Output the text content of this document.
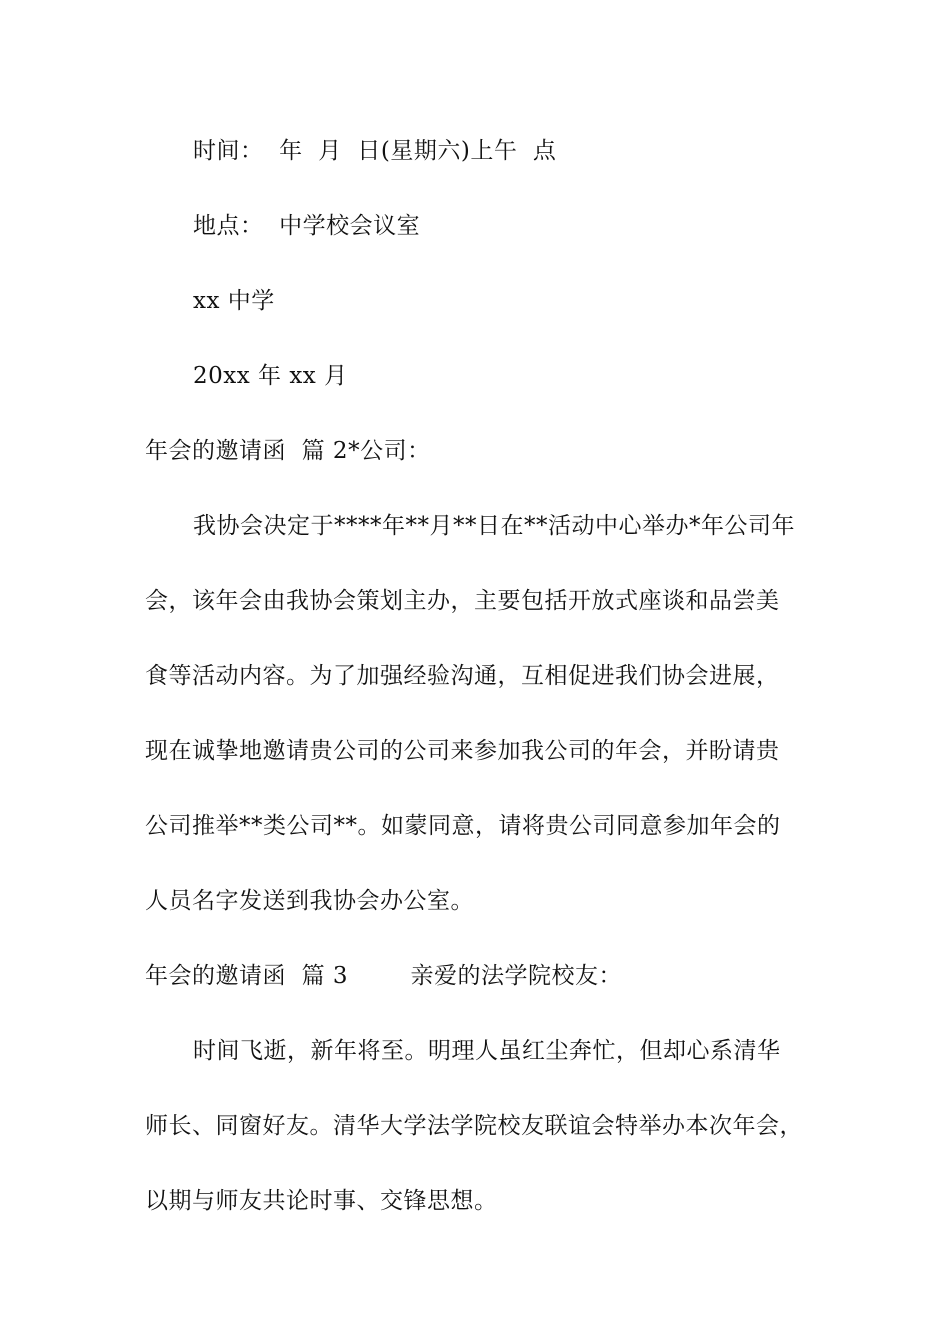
时间：  年  月  日(星期六)上午  点
地点：  中学校会议室
xx 中学
20xx 年 xx 月
年会的邀请函  篇 2*公司：
我协会决定于****年**月**日在**活动中心举办*年公司年
会，该年会由我协会策划主办，主要包括开放式座谈和品尝美
食等活动内容。为了加强经验沟通，互相促进我们协会进展，
现在诚挚地邀请贵公司的公司来参加我公司的年会，并盼请贵
公司推举**类公司**。如蒙同意，请将贵公司同意参加年会的
人员名字发送到我协会办公室。
年会的邀请函  篇 3        亲爱的法学院校友：
时间飞逝，新年将至。明理人虽红尘奔忙，但却心系清华
师长、同窗好友。清华大学法学院校友联谊会特举办本次年会，
以期与师友共论时事、交锋思想。
